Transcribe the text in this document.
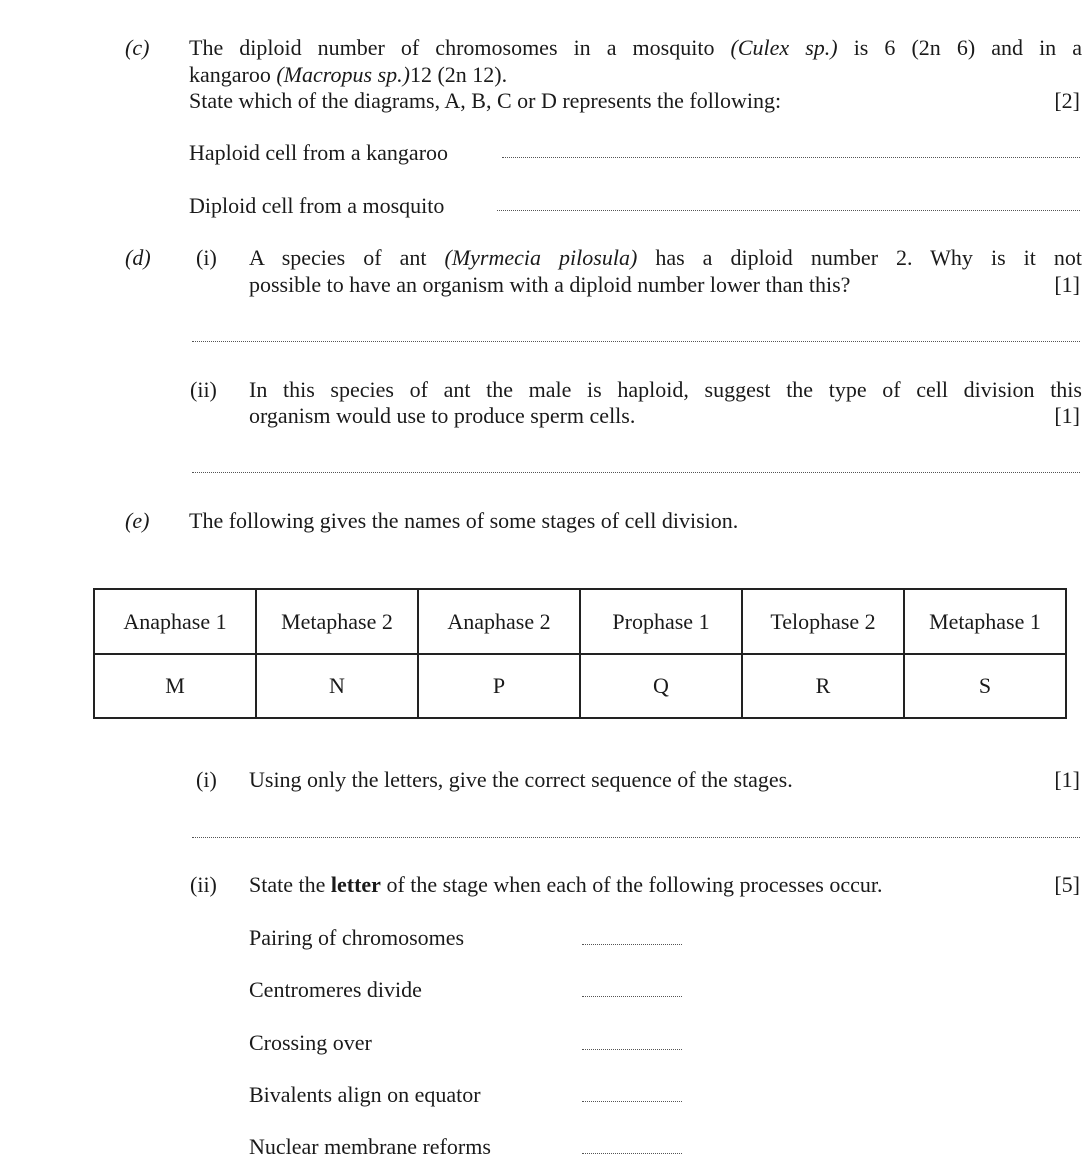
(c) The diploid number of chromosomes in a mosquito (Culex sp.) is 6 (2n 6) and in a
kangaroo (Macropus sp.)12 (2n 12).
State which of the diagrams, A, B, C or D represents the following:	[2]
Haploid cell from a kangaroo
Diploid cell from a mosquito
(d) (i) A species of ant (Myrmecia pilosula) has a diploid number 2. Why is it not
possible to have an organism with a diploid number lower than this?	[1]
(ii) In this species of ant the male is haploid, suggest the type of cell division this
organism would use to produce sperm cells.	[1]
(e) The following gives the names of some stages of cell division.
Anaphase 1	Metaphase 2	Anaphase 2	Prophase 1	Telophase 2	Metaphase 1
M	N	P	Q	R	S
(i) Using only the letters, give the correct sequence of the stages.	[1]
(ii) State the letter of the stage when each of the following processes occur.	[5]
Pairing of chromosomes
Centromeres divide
Crossing over
Bivalents align on equator
Nuclear membrane reforms
